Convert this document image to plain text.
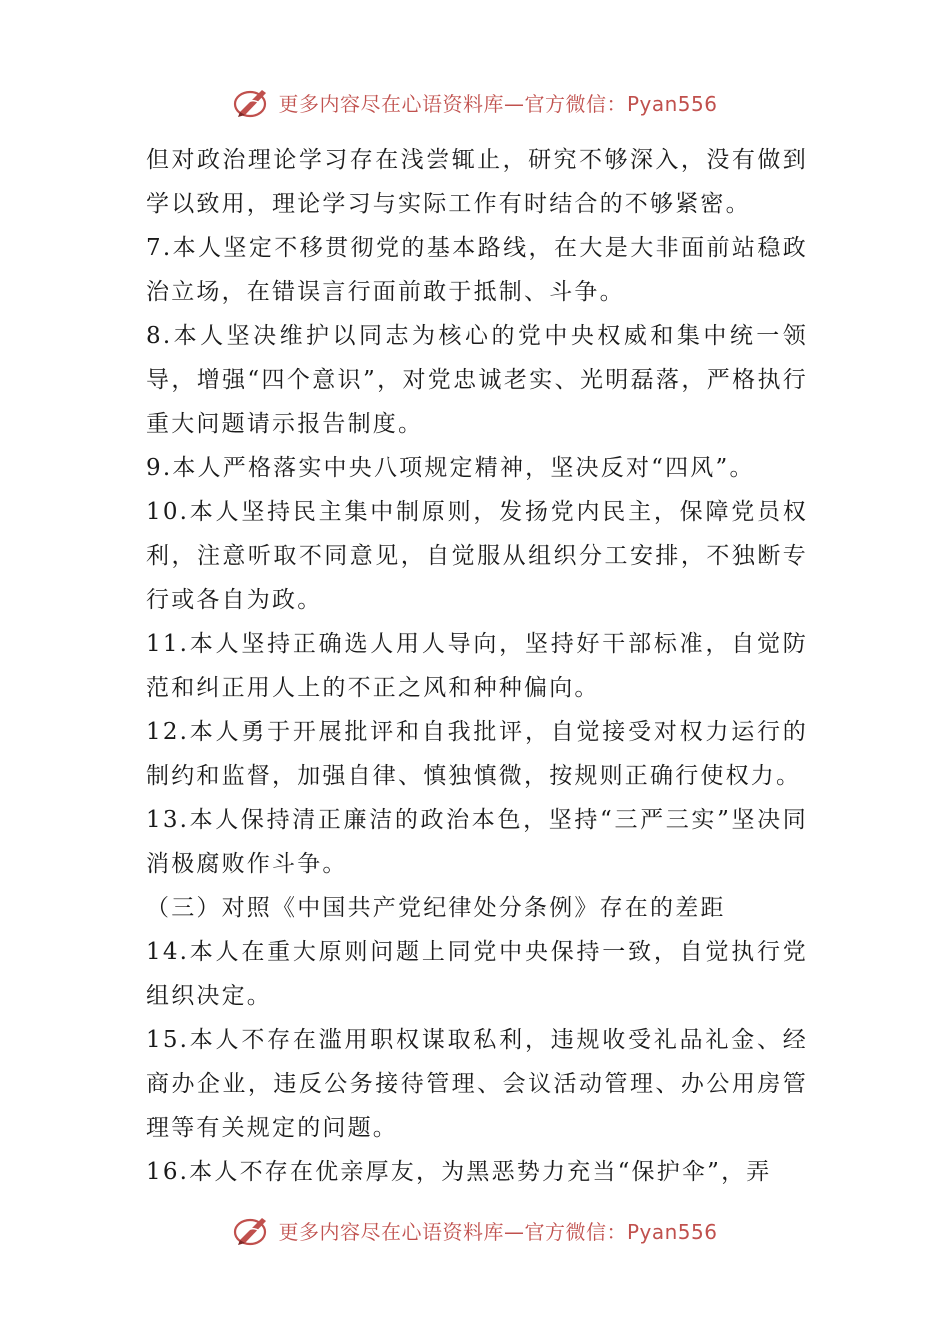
更多内容尽在心语资料库—官方微信：Pyan556

但对政治理论学习存在浅尝辄止，研究不够深入，没有做到学以致用，理论学习与实际工作有时结合的不够紧密。

7.本人坚定不移贯彻党的基本路线，在大是大非面前站稳政治立场，在错误言行面前敢于抵制、斗争。

8.本人坚决维护以同志为核心的党中央权威和集中统一领导，增强“四个意识”，对党忠诚老实、光明磊落，严格执行重大问题请示报告制度。

9.本人严格落实中央八项规定精神，坚决反对“四风”。

10.本人坚持民主集中制原则，发扬党内民主，保障党员权利，注意听取不同意见，自觉服从组织分工安排，不独断专行或各自为政。

11.本人坚持正确选人用人导向，坚持好干部标准，自觉防范和纠正用人上的不正之风和种种偏向。

12.本人勇于开展批评和自我批评，自觉接受对权力运行的制约和监督，加强自律、慎独慎微，按规则正确行使权力。

13.本人保持清正廉洁的政治本色，坚持“三严三实”坚决同消极腐败作斗争。

（三）对照《中国共产党纪律处分条例》存在的差距

14.本人在重大原则问题上同党中央保持一致，自觉执行党组织决定。

15.本人不存在滥用职权谋取私利，违规收受礼品礼金、经商办企业，违反公务接待管理、会议活动管理、办公用房管理等有关规定的问题。

16.本人不存在优亲厚友，为黑恶势力充当“保护伞”，弄

更多内容尽在心语资料库—官方微信：Pyan556
